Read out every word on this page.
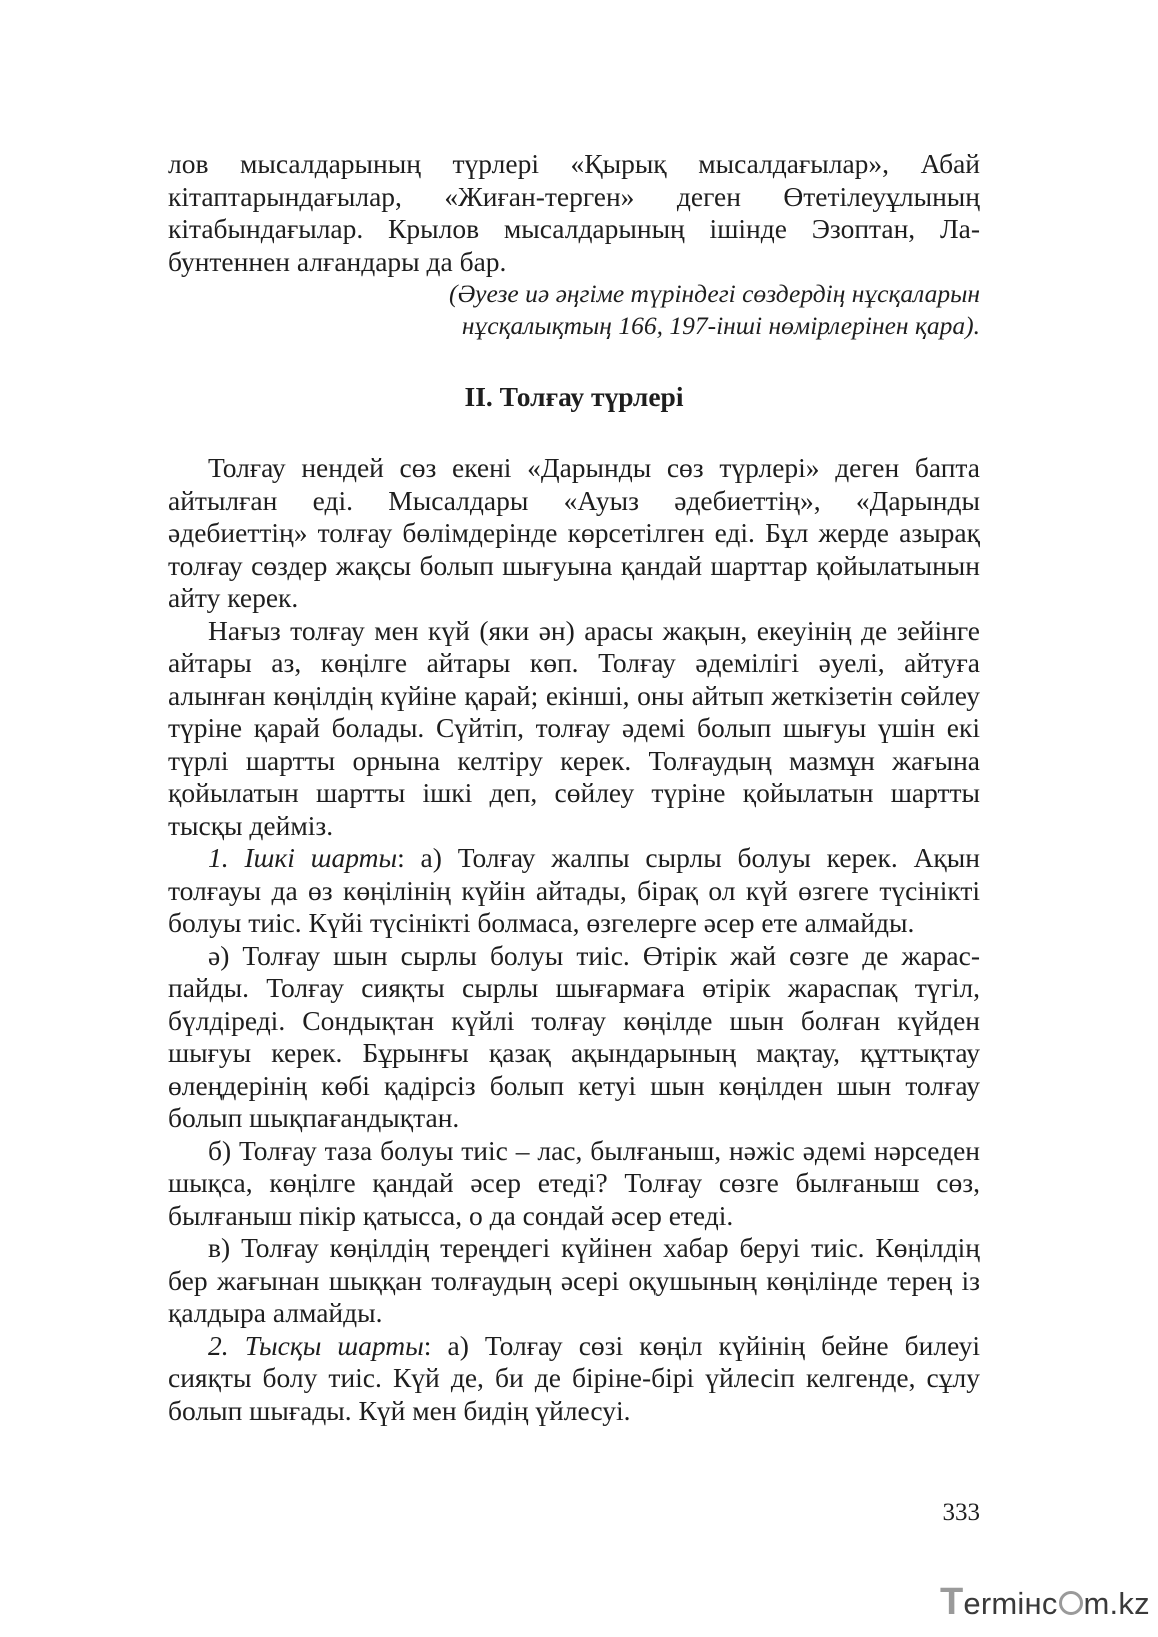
лов мысалдарының түрлері «Қырық мысалдағылар», Абай кітаптарындағылар, «Жиған-терген» деген Өтетілеуұлының кітабындағылар. Крылов мысалдарының ішінде Эзоптан, Лабунтеннен алғандары да бар.

(Әуезе иә әңгіме түріндегі сөздердің нұсқаларын

нұсқалықтың 166, 197-інші нөмірлерінен қара).

ІІ. Толғау түрлері

Толғау нендей сөз екені «Дарынды сөз түрлері» деген бапта айтылған еді. Мысалдары «Ауыз әдебиеттің», «Дарынды әдебиеттің» толғау бөлімдерінде көрсетілген еді. Бұл жерде азырақ толғау сөздер жақсы болып шығуына қандай шарттар қойылатынын айту керек.

Нағыз толғау мен күй (яки ән) арасы жақын, екеуінің де зейінге айтары аз, көңілге айтары көп. Толғау әдемілігі әуелі, айтуға алынған көңілдің күйіне қарай; екінші, оны айтып жеткізетін сөйлеу түріне қарай болады. Сүйтіп, толғау әдемі болып шығуы үшін екі түрлі шартты орнына келтіру керек. Толғаудың мазмұн жағына қойылатын шартты ішкі деп, сөйлеу түріне қойылатын шартты тысқы дейміз.

1. Ішкі шарты: а) Толғау жалпы сырлы болуы керек. Ақын толғауы да өз көңілінің күйін айтады, бірақ ол күй өзгеге түсінікті болуы тиіс. Күйі түсінікті болмаса, өзгелерге әсер ете алмайды.

ә) Толғау шын сырлы болуы тиіс. Өтірік жай сөзге де жараспайды. Толғау сияқты сырлы шығармаға өтірік жараспақ түгіл, бүлдіреді. Сондықтан күйлі толғау көңілде шын болған күйден шығуы керек. Бұрынғы қазақ ақындарының мақтау, құттықтау өлеңдерінің көбі қадірсіз болып кетуі шын көңілден шын толғау болып шықпағандықтан.

б) Толғау таза болуы тиіс – лас, былғаныш, нәжіс әдемі нәрседен шықса, көңілге қандай әсер етеді? Толғау сөзге былғаныш сөз, былғаныш пікір қатысса, о да сондай әсер етеді.

в) Толғау көңілдің тереңдегі күйінен хабар беруі тиіс. Көңілдің бер жағынан шыққан толғаудың әсері оқушының көңілінде терең із қалдыра алмайды.

2. Тысқы шарты: а) Толғау сөзі көңіл күйінің бейне билеуі сияқты болу тиіс. Күй де, би де біріне-бірі үйлесіп келгенде, сұлу болып шығады. Күй мен бидің үйлесуі.

333
Termінc m.kz
